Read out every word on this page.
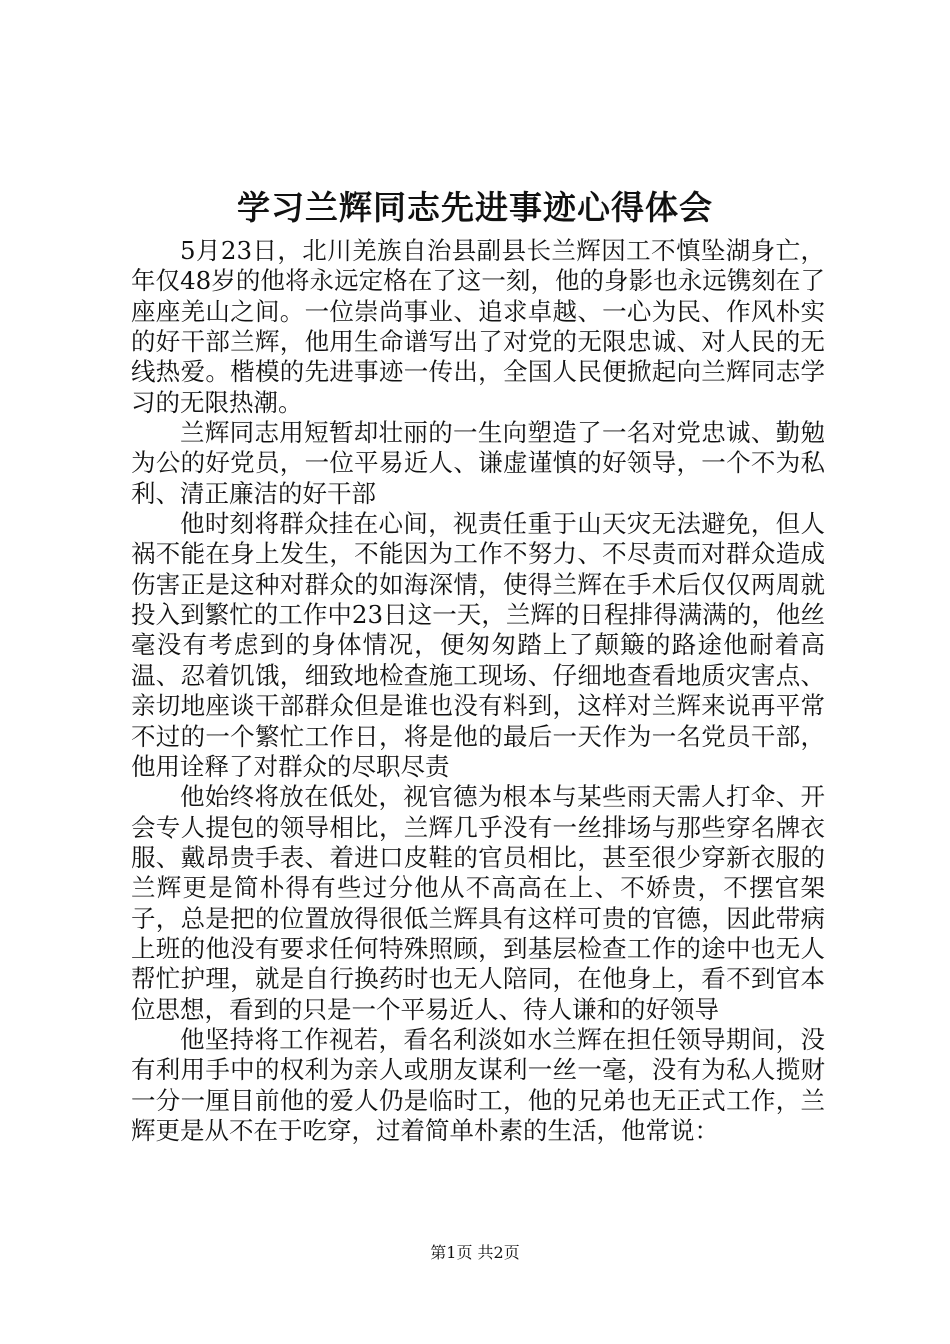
学习兰辉同志先进事迹心得体会

5月23日，北川羌族自治县副县长兰辉因工不慎坠湖身亡，年仅48岁的他将永远定格在了这一刻，他的身影也永远镌刻在了座座羌山之间。一位崇尚事业、追求卓越、一心为民、作风朴实的好干部兰辉，他用生命谱写出了对党的无限忠诚、对人民的无线热爱。楷模的先进事迹一传出，全国人民便掀起向兰辉同志学习的无限热潮。

兰辉同志用短暂却壮丽的一生向塑造了一名对党忠诚、勤勉为公的好党员，一位平易近人、谦虚谨慎的好领导，一个不为私利、清正廉洁的好干部

他时刻将群众挂在心间，视责任重于山天灾无法避免，但人祸不能在身上发生，不能因为工作不努力、不尽责而对群众造成伤害正是这种对群众的如海深情，使得兰辉在手术后仅仅两周就投入到繁忙的工作中23日这一天，兰辉的日程排得满满的，他丝毫没有考虑到的身体情况，便匆匆踏上了颠簸的路途他耐着高温、忍着饥饿，细致地检查施工现场、仔细地查看地质灾害点、亲切地座谈干部群众但是谁也没有料到，这样对兰辉来说再平常不过的一个繁忙工作日，将是他的最后一天作为一名党员干部，他用诠释了对群众的尽职尽责

他始终将放在低处，视官德为根本与某些雨天需人打伞、开会专人提包的领导相比，兰辉几乎没有一丝排场与那些穿名牌衣服、戴昂贵手表、着进口皮鞋的官员相比，甚至很少穿新衣服的兰辉更是简朴得有些过分他从不高高在上、不娇贵，不摆官架子，总是把的位置放得很低兰辉具有这样可贵的官德，因此带病上班的他没有要求任何特殊照顾，到基层检查工作的途中也无人帮忙护理，就是自行换药时也无人陪同，在他身上，看不到官本位思想，看到的只是一个平易近人、待人谦和的好领导

他坚持将工作视若，看名利淡如水兰辉在担任领导期间，没有利用手中的权利为亲人或朋友谋利一丝一毫，没有为私人揽财一分一厘目前他的爱人仍是临时工，他的兄弟也无正式工作，兰辉更是从不在于吃穿，过着简单朴素的生活，他常说：

第1页 共2页
